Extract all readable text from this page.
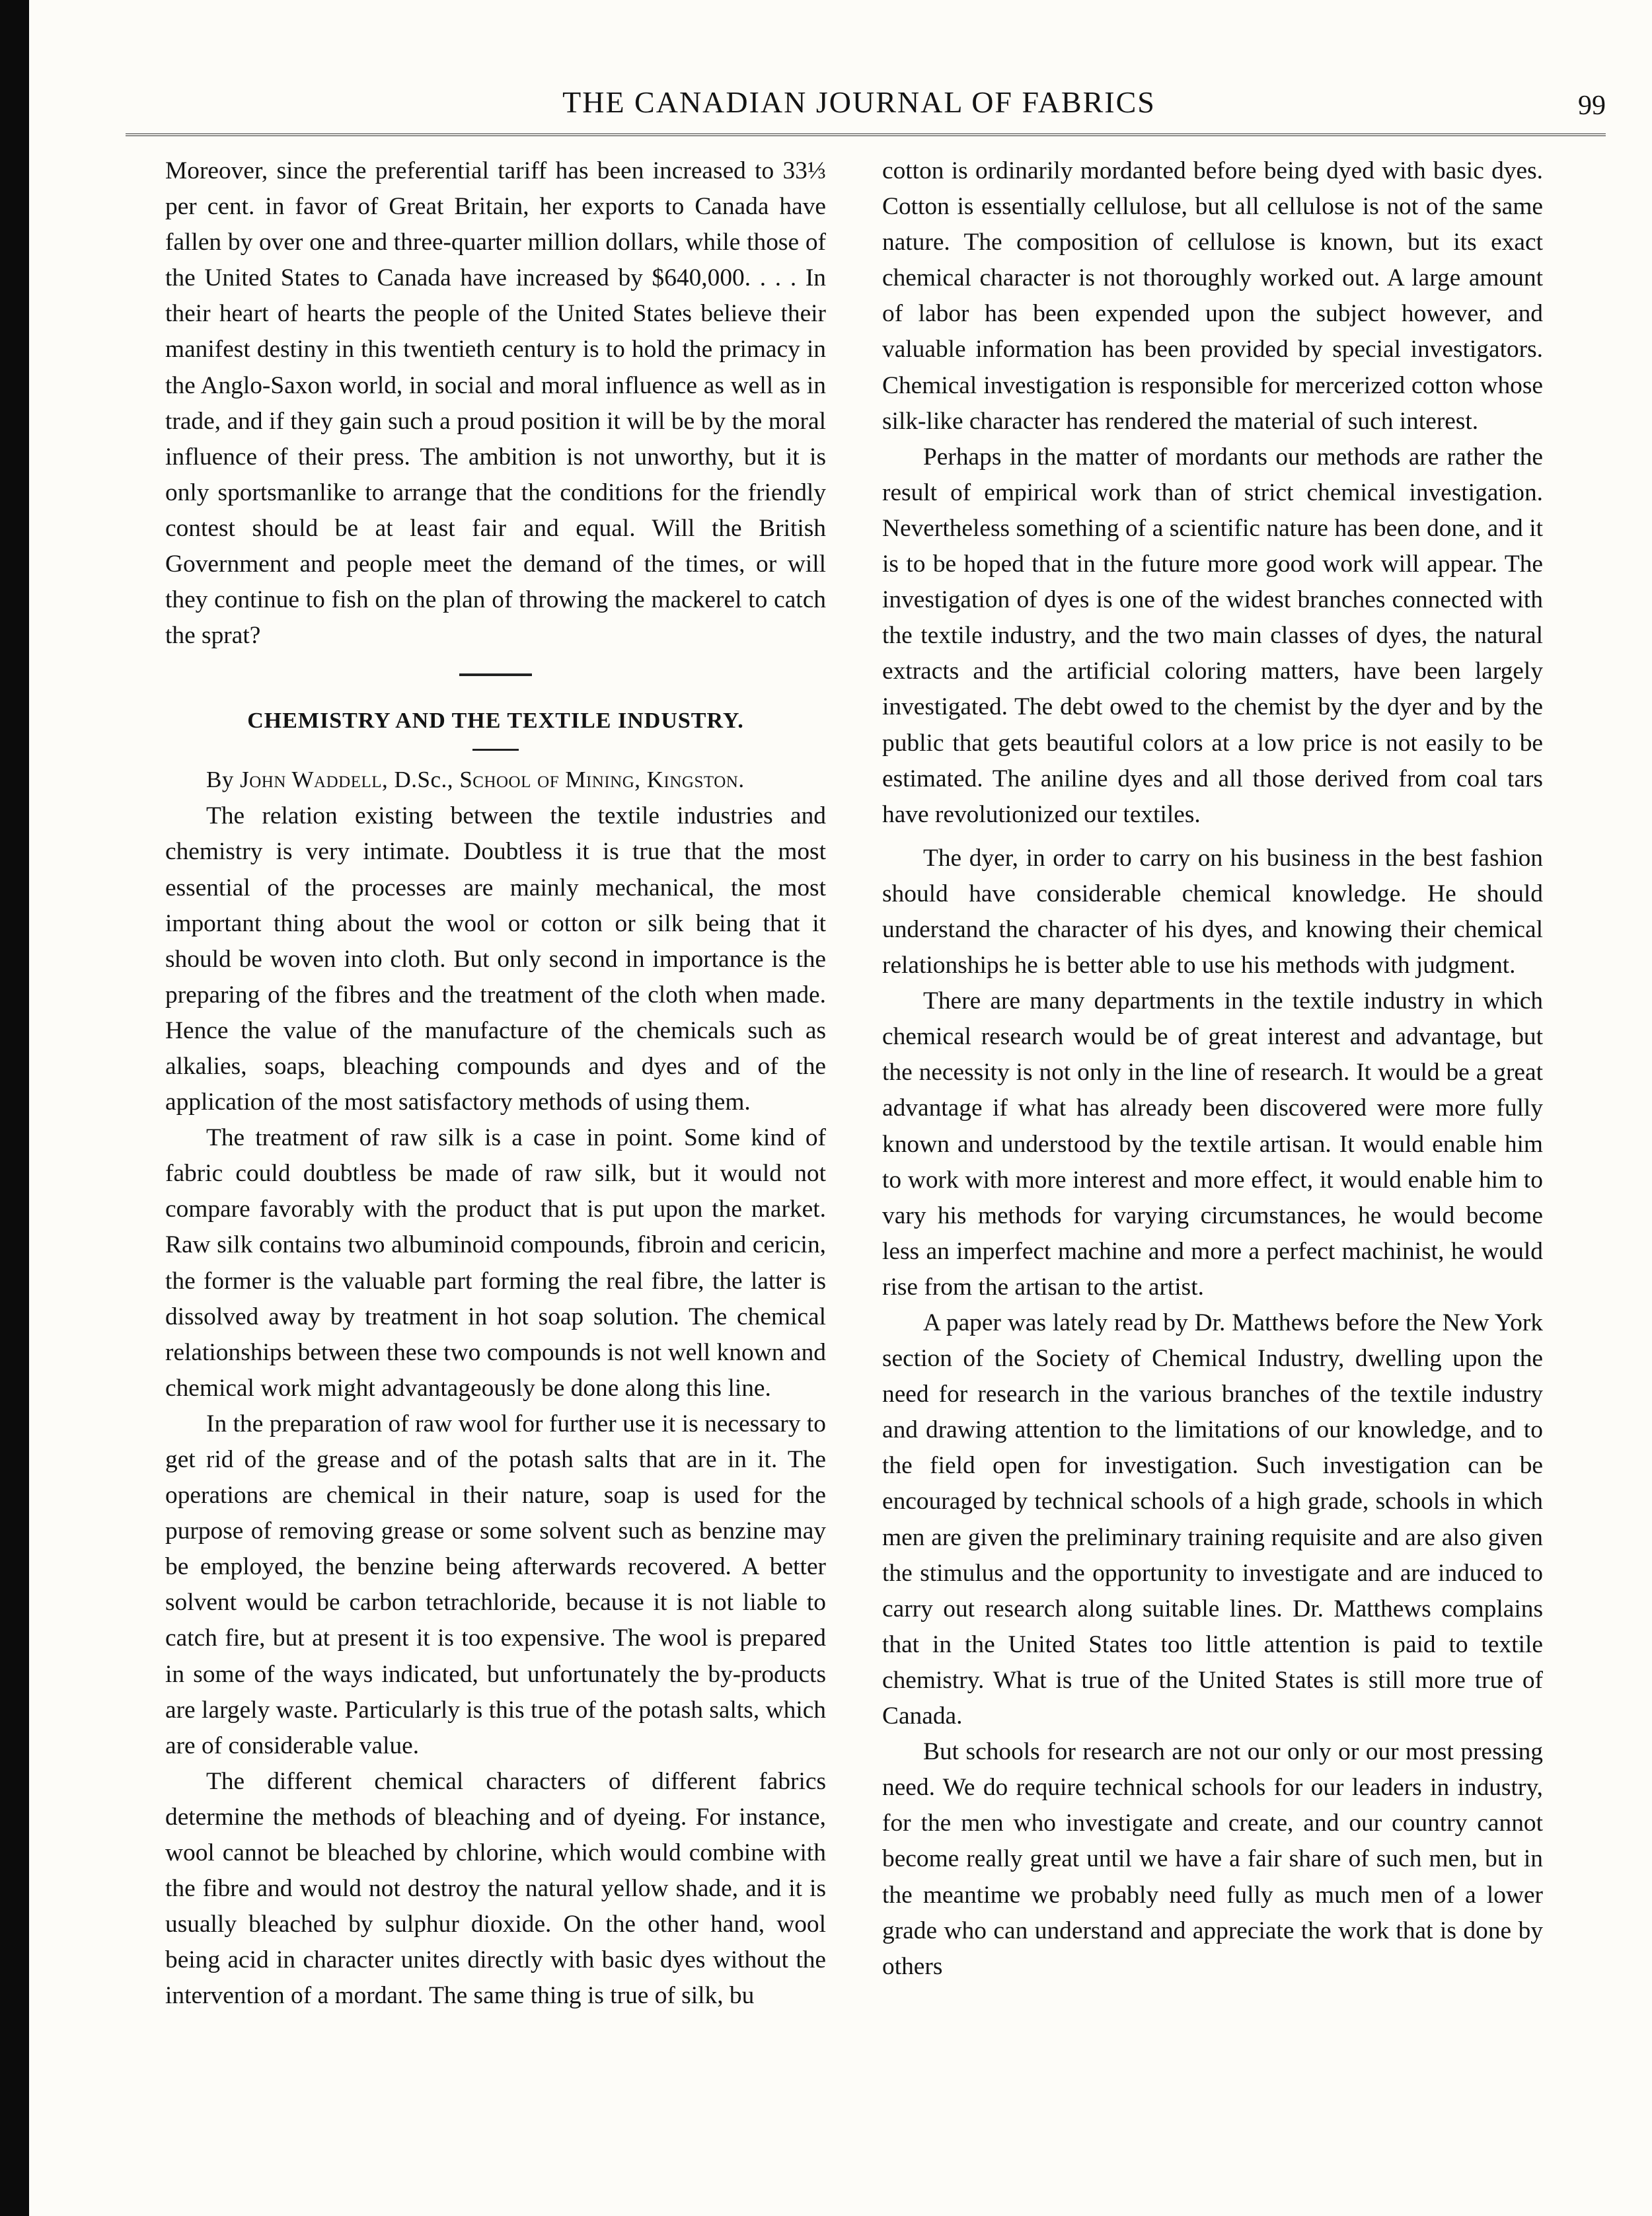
THE CANADIAN JOURNAL OF FABRICS	99

Moreover, since the preferential tariff has been increased to 33⅓ per cent. in favor of Great Britain, her exports to Canada have fallen by over one and three-quarter million dollars, while those of the United States to Canada have increased by $640,000. . . . In their heart of hearts the people of the United States believe their manifest destiny in this twentieth century is to hold the primacy in the Anglo-Saxon world, in social and moral influence as well as in trade, and if they gain such a proud position it will be by the moral influence of their press. The ambition is not unworthy, but it is only sportsmanlike to arrange that the conditions for the friendly contest should be at least fair and equal. Will the British Government and people meet the demand of the times, or will they continue to fish on the plan of throwing the mackerel to catch the sprat?

CHEMISTRY AND THE TEXTILE INDUSTRY.

By John Waddell, D.Sc., School of Mining, Kingston.

The relation existing between the textile industries and chemistry is very intimate. Doubtless it is true that the most essential of the processes are mainly mechanical, the most important thing about the wool or cotton or silk being that it should be woven into cloth. But only second in importance is the preparing of the fibres and the treatment of the cloth when made. Hence the value of the manufacture of the chemicals such as alkalies, soaps, bleaching compounds and dyes and of the application of the most satisfactory methods of using them.

The treatment of raw silk is a case in point. Some kind of fabric could doubtless be made of raw silk, but it would not compare favorably with the product that is put upon the market. Raw silk contains two albuminoid compounds, fibroin and cericin, the former is the valuable part forming the real fibre, the latter is dissolved away by treatment in hot soap solution. The chemical relationships between these two compounds is not well known and chemical work might advantageously be done along this line.

In the preparation of raw wool for further use it is necessary to get rid of the grease and of the potash salts that are in it. The operations are chemical in their nature, soap is used for the purpose of removing grease or some solvent such as benzine may be employed, the benzine being afterwards recovered. A better solvent would be carbon tetrachloride, because it is not liable to catch fire, but at present it is too expensive. The wool is prepared in some of the ways indicated, but unfortunately the by-products are largely waste. Particularly is this true of the potash salts, which are of considerable value.

The different chemical characters of different fabrics determine the methods of bleaching and of dyeing. For instance, wool cannot be bleached by chlorine, which would combine with the fibre and would not destroy the natural yellow shade, and it is usually bleached by sulphur dioxide. On the other hand, wool being acid in character unites directly with basic dyes without the intervention of a mordant. The same thing is true of silk, bu

cotton is ordinarily mordanted before being dyed with basic dyes. Cotton is essentially cellulose, but all cellulose is not of the same nature. The composition of cellulose is known, but its exact chemical character is not thoroughly worked out. A large amount of labor has been expended upon the subject however, and valuable information has been provided by special investigators. Chemical investigation is responsible for mercerized cotton whose silk-like character has rendered the material of such interest.

Perhaps in the matter of mordants our methods are rather the result of empirical work than of strict chemical investigation. Nevertheless something of a scientific nature has been done, and it is to be hoped that in the future more good work will appear. The investigation of dyes is one of the widest branches connected with the textile industry, and the two main classes of dyes, the natural extracts and the artificial coloring matters, have been largely investigated. The debt owed to the chemist by the dyer and by the public that gets beautiful colors at a low price is not easily to be estimated. The aniline dyes and all those derived from coal tars have revolutionized our textiles.

The dyer, in order to carry on his business in the best fashion should have considerable chemical knowledge. He should understand the character of his dyes, and knowing their chemical relationships he is better able to use his methods with judgment.

There are many departments in the textile industry in which chemical research would be of great interest and advantage, but the necessity is not only in the line of research. It would be a great advantage if what has already been discovered were more fully known and understood by the textile artisan. It would enable him to work with more interest and more effect, it would enable him to vary his methods for varying circumstances, he would become less an imperfect machine and more a perfect machinist, he would rise from the artisan to the artist.

A paper was lately read by Dr. Matthews before the New York section of the Society of Chemical Industry, dwelling upon the need for research in the various branches of the textile industry and drawing attention to the limitations of our knowledge, and to the field open for investigation. Such investigation can be encouraged by technical schools of a high grade, schools in which men are given the preliminary training requisite and are also given the stimulus and the opportunity to investigate and are induced to carry out research along suitable lines. Dr. Matthews complains that in the United States too little attention is paid to textile chemistry. What is true of the United States is still more true of Canada.

But schools for research are not our only or our most pressing need. We do require technical schools for our leaders in industry, for the men who investigate and create, and our country cannot become really great until we have a fair share of such men, but in the meantime we probably need fully as much men of a lower grade who can understand and appreciate the work that is done by others
